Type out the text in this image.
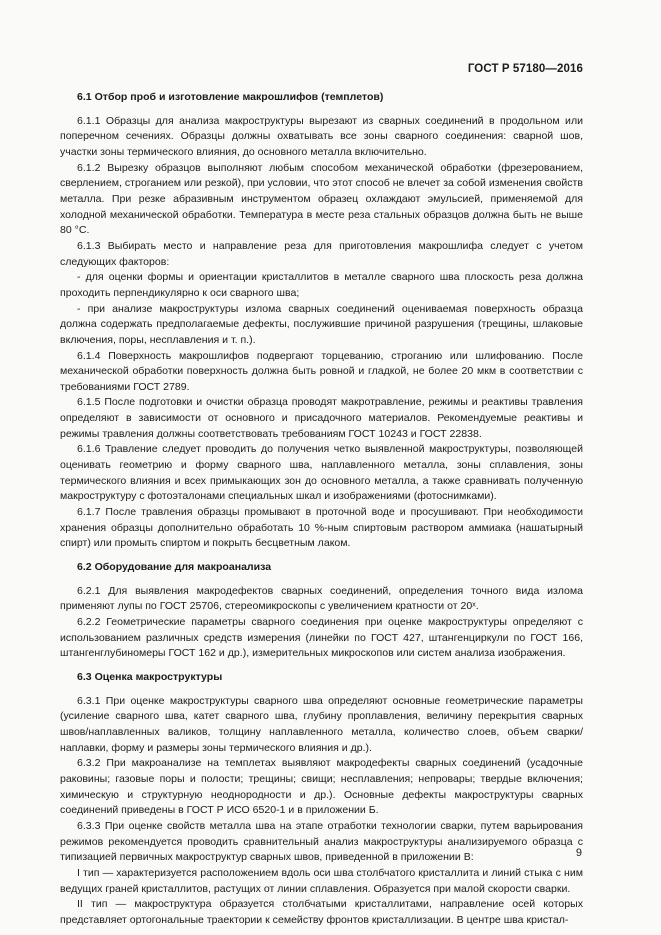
ГОСТ Р 57180—2016

6.1 Отбор проб и изготовление макрошлифов (темплетов)

6.1.1 Образцы для анализа макроструктуры вырезают из сварных соединений в продольном или поперечном сечениях. Образцы должны охватывать все зоны сварного соединения: сварной шов, участки зоны термического влияния, до основного металла включительно.

6.1.2 Вырезку образцов выполняют любым способом механической обработки (фрезерованием, сверлением, строганием или резкой), при условии, что этот способ не влечет за собой изменения свойств металла. При резке абразивным инструментом образец охлаждают эмульсией, применяемой для холодной механической обработки. Температура в месте реза стальных образцов должна быть не выше 80 °С.

6.1.3 Выбирать место и направление реза для приготовления макрошлифа следует с учетом следующих факторов:

- для оценки формы и ориентации кристаллитов в металле сварного шва плоскость реза должна проходить перпендикулярно к оси сварного шва;

- при анализе макроструктуры излома сварных соединений оцениваемая поверхность образца должна содержать предполагаемые дефекты, послужившие причиной разрушения (трещины, шлаковые включения, поры, несплавления и т. п.).

6.1.4 Поверхность макрошлифов подвергают торцеванию, строганию или шлифованию. После механической обработки поверхность должна быть ровной и гладкой, не более 20 мкм в соответствии с требованиями ГОСТ 2789.

6.1.5 После подготовки и очистки образца проводят макротравление, режимы и реактивы травления определяют в зависимости от основного и присадочного материалов. Рекомендуемые реактивы и режимы травления должны соответствовать требованиям ГОСТ 10243 и ГОСТ 22838.

6.1.6 Травление следует проводить до получения четко выявленной макроструктуры, позволяющей оценивать геометрию и форму сварного шва, наплавленного металла, зоны сплавления, зоны термического влияния и всех примыкающих зон до основного металла, а также сравнивать полученную макроструктуру с фотоэталонами специальных шкал и изображениями (фотоснимками).

6.1.7 После травления образцы промывают в проточной воде и просушивают. При необходимости хранения образцы дополнительно обработать 10 %-ным спиртовым раствором аммиака (нашатырный спирт) или промыть спиртом и покрыть бесцветным лаком.

6.2 Оборудование для макроанализа

6.2.1 Для выявления макродефектов сварных соединений, определения точного вида излома применяют лупы по ГОСТ 25706, стереомикроскопы с увеличением кратности от 20ˣ.

6.2.2 Геометрические параметры сварного соединения при оценке макроструктуры определяют с использованием различных средств измерения (линейки по ГОСТ 427, штангенциркули по ГОСТ 166, штангенглубиномеры ГОСТ 162 и др.), измерительных микроскопов или систем анализа изображения.

6.3 Оценка макроструктуры

6.3.1 При оценке макроструктуры сварного шва определяют основные геометрические параметры (усиление сварного шва, катет сварного шва, глубину проплавления, величину перекрытия сварных швов/наплавленных валиков, толщину наплавленного металла, количество слоев, объем сварки/наплавки, форму и размеры зоны термического влияния и др.).

6.3.2 При макроанализе на темплетах выявляют макродефекты сварных соединений (усадочные раковины; газовые поры и полости; трещины; свищи; несплавления; непровары; твердые включения; химическую и структурную неоднородности и др.). Основные дефекты макроструктуры сварных соединений приведены в ГОСТ Р ИСО 6520-1 и в приложении Б.

6.3.3 При оценке свойств металла шва на этапе отработки технологии сварки, путем варьирования режимов рекомендуется проводить сравнительный анализ макроструктуры анализируемого образца с типизацией первичных макроструктур сварных швов, приведенной в приложении В:

I тип — характеризуется расположением вдоль оси шва столбчатого кристаллита и линий стыка с ним ведущих граней кристаллитов, растущих от линии сплавления. Образуется при малой скорости сварки.

II тип — макроструктура образуется столбчатыми кристаллитами, направление осей которых представляет ортогональные траектории к семейству фронтов кристаллизации. В центре шва кристал-

9
